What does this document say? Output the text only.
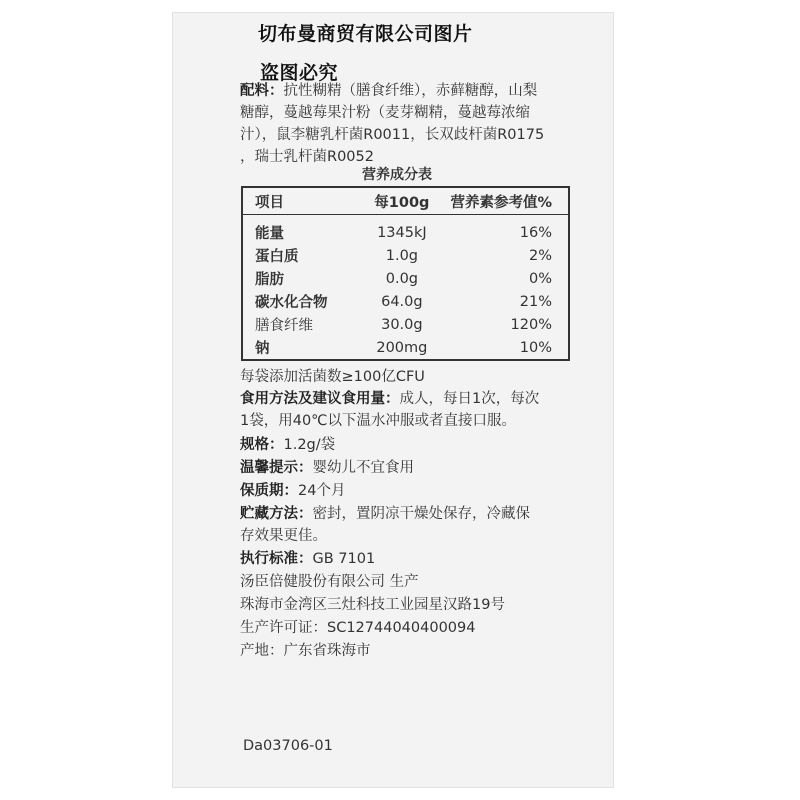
切布曼商贸有限公司图片
盗图必究
配料：抗性糊精（膳食纤维），赤藓糖醇，山梨
糖醇，蔓越莓果汁粉（麦芽糊精，蔓越莓浓缩
汁），鼠李糖乳杆菌R0011，长双歧杆菌R0175
，瑞士乳杆菌R0052
营养成分表
项目	每100g	营养素参考值%
能量	1345kJ	16%
蛋白质	1.0g	2%
脂肪	0.0g	0%
碳水化合物	64.0g	21%
膳食纤维	30.0g	120%
钠	200mg	10%
每袋添加活菌数≥100亿CFU
食用方法及建议食用量：成人，每日1次，每次
1袋，用40℃以下温水冲服或者直接口服。
规格：1.2g/袋
温馨提示：婴幼儿不宜食用
保质期：24个月
贮藏方法：密封，置阴凉干燥处保存，冷藏保
存效果更佳。
执行标准：GB 7101
汤臣倍健股份有限公司 生产
珠海市金湾区三灶科技工业园星汉路19号
生产许可证：SC12744040400094
产地：广东省珠海市
Da03706-01
